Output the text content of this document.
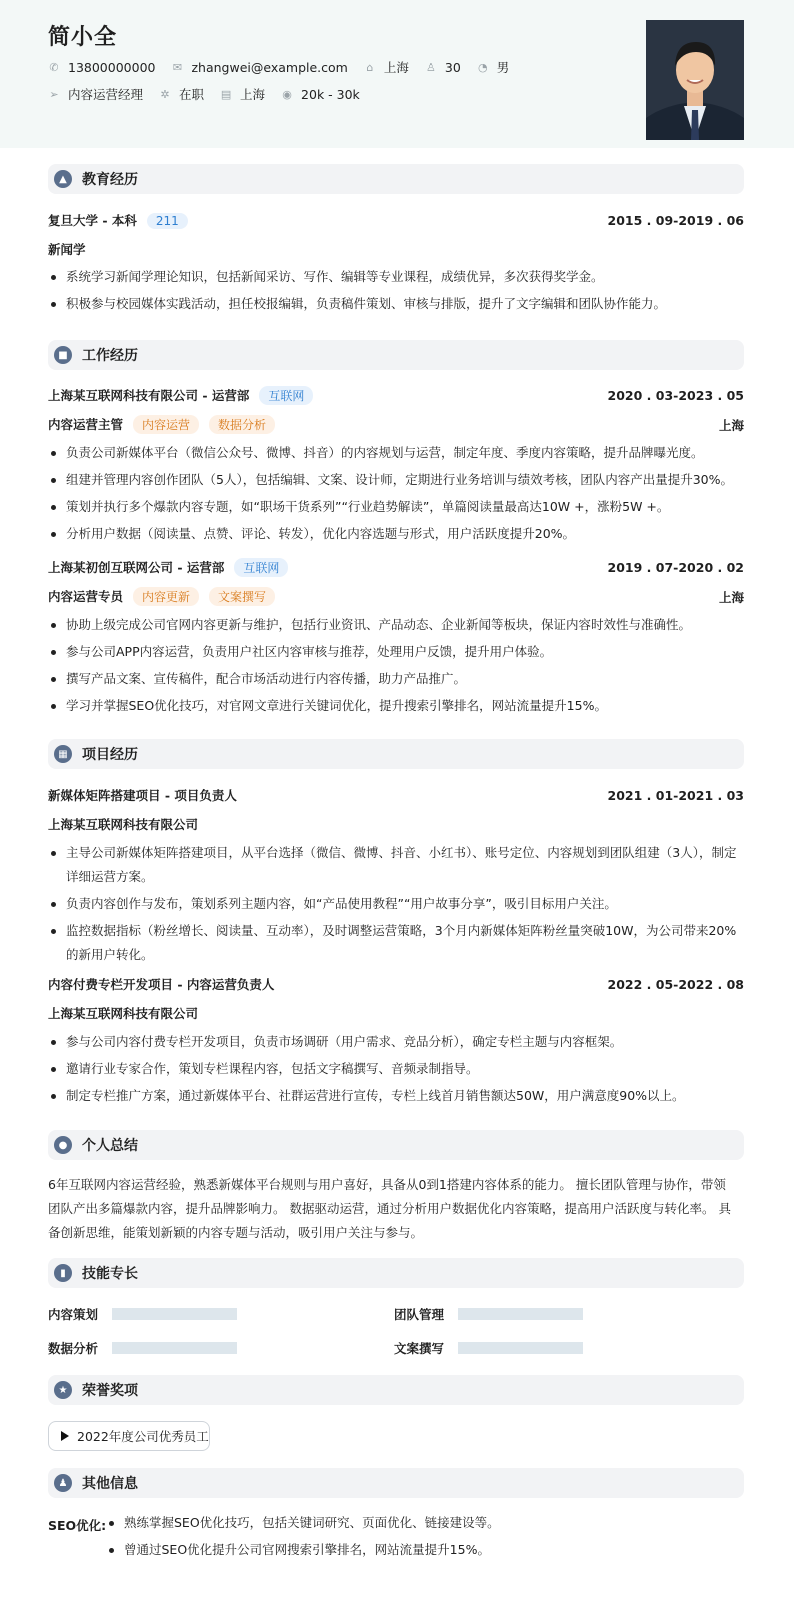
简小全
✆ 13800000000 ✉ zhangwei@example.com ⌂ 上海 ♙ 30 ◔ 男
➢ 内容运营经理 ✲ 在职 ▤ 上海 ◉ 20k - 30k
▲	教育经历
复旦大学 - 本科 211	2015 . 09-2019 . 06
新闻学
系统学习新闻学理论知识，包括新闻采访、写作、编辑等专业课程，成绩优异，多次获得奖学金。
积极参与校园媒体实践活动，担任校报编辑，负责稿件策划、审核与排版，提升了文字编辑和团队协作能力。
■	工作经历
上海某互联网科技有限公司 - 运营部 互联网	2020 . 03-2023 . 05
内容运营主管 内容运营 数据分析	上海
负责公司新媒体平台（微信公众号、微博、抖音）的内容规划与运营，制定年度、季度内容策略，提升品牌曝光度。
组建并管理内容创作团队（5人），包括编辑、文案、设计师，定期进行业务培训与绩效考核，团队内容产出量提升30%。
策划并执行多个爆款内容专题，如“职场干货系列”“行业趋势解读”，单篇阅读量最高达10W +，涨粉5W +。
分析用户数据（阅读量、点赞、评论、转发），优化内容选题与形式，用户活跃度提升20%。
上海某初创互联网公司 - 运营部 互联网	2019 . 07-2020 . 02
内容运营专员 内容更新 文案撰写	上海
协助上级完成公司官网内容更新与维护，包括行业资讯、产品动态、企业新闻等板块，保证内容时效性与准确性。
参与公司APP内容运营，负责用户社区内容审核与推荐，处理用户反馈，提升用户体验。
撰写产品文案、宣传稿件，配合市场活动进行内容传播，助力产品推广。
学习并掌握SEO优化技巧，对官网文章进行关键词优化，提升搜索引擎排名，网站流量提升15%。
▦	项目经历
新媒体矩阵搭建项目 - 项目负责人	2021 . 01-2021 . 03
上海某互联网科技有限公司
主导公司新媒体矩阵搭建项目，从平台选择（微信、微博、抖音、小红书）、账号定位、内容规划到团队组建（3人），制定详细运营方案。
负责内容创作与发布，策划系列主题内容，如“产品使用教程”“用户故事分享”，吸引目标用户关注。
监控数据指标（粉丝增长、阅读量、互动率），及时调整运营策略，3个月内新媒体矩阵粉丝量突破10W，为公司带来20%的新用户转化。
内容付费专栏开发项目 - 内容运营负责人	2022 . 05-2022 . 08
上海某互联网科技有限公司
参与公司内容付费专栏开发项目，负责市场调研（用户需求、竞品分析），确定专栏主题与内容框架。
邀请行业专家合作，策划专栏课程内容，包括文字稿撰写、音频录制指导。
制定专栏推广方案，通过新媒体平台、社群运营进行宣传，专栏上线首月销售额达50W，用户满意度90%以上。
●	个人总结
6年互联网内容运营经验，熟悉新媒体平台规则与用户喜好，具备从0到1搭建内容体系的能力。 擅长团队管理与协作，带领团队产出多篇爆款内容，提升品牌影响力。 数据驱动运营，通过分析用户数据优化内容策略，提高用户活跃度与转化率。 具备创新思维，能策划新颖的内容专题与活动，吸引用户关注与参与。
▮	技能专长
内容策划	团队管理
数据分析	文案撰写
★	荣誉奖项
2022年度公司优秀员工
♟	其他信息
SEO优化:	熟练掌握SEO优化技巧，包括关键词研究、页面优化、链接建设等。
曾通过SEO优化提升公司官网搜索引擎排名，网站流量提升15%。
